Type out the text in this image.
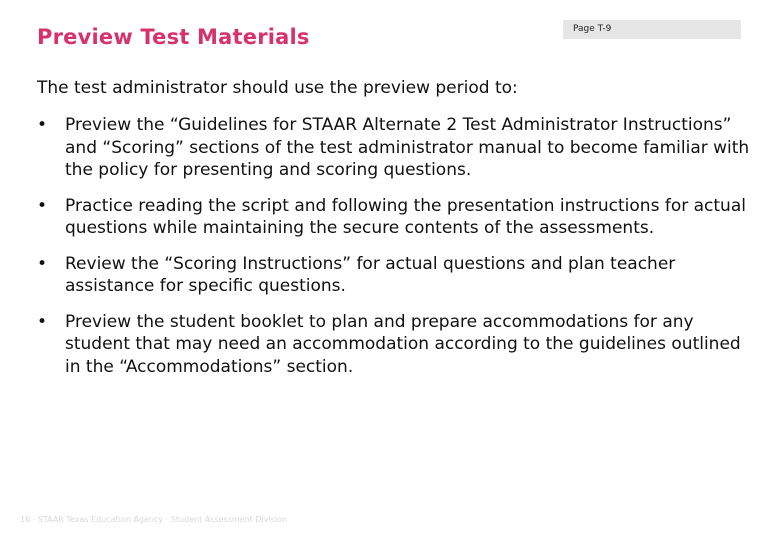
Preview Test Materials	Page T-9
The test administrator should use the preview period to:
• Preview the “Guidelines for STAAR Alternate 2 Test Administrator Instructions” and “Scoring” sections of the test administrator manual to become familiar with the policy for presenting and scoring questions.
• Practice reading the script and following the presentation instructions for actual questions while maintaining the secure contents of the assessments.
• Review the “Scoring Instructions” for actual questions and plan teacher assistance for specific questions.
• Preview the student booklet to plan and prepare accommodations for any student that may need an accommodation according to the guidelines outlined in the “Accommodations” section.
16 · STAAR Texas Education Agency · Student Assessment Division
